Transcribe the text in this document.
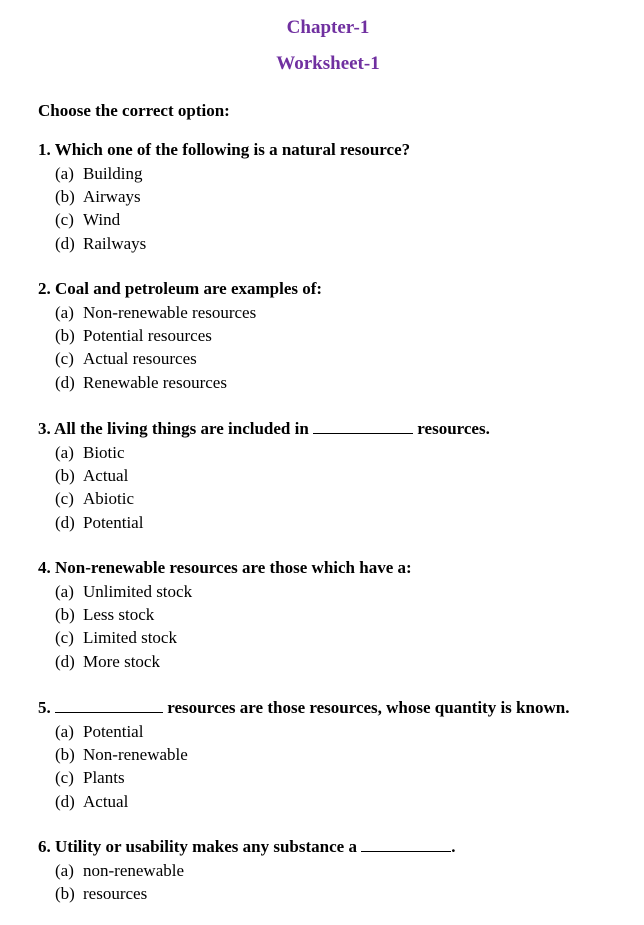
Chapter-1
Worksheet-1
Choose the correct option:
1. Which one of the following is a natural resource?
(a) Building
(b) Airways
(c) Wind
(d) Railways
2. Coal and petroleum are examples of:
(a) Non-renewable resources
(b) Potential resources
(c) Actual resources
(d) Renewable resources
3. All the living things are included in	resources.
(a) Biotic
(b) Actual
(c) Abiotic
(d) Potential
4. Non-renewable resources are those which have a:
(a) Unlimited stock
(b) Less stock
(c) Limited stock
(d) More stock
5.	resources are those resources, whose quantity is known.
(a) Potential
(b) Non-renewable
(c) Plants
(d) Actual
6. Utility or usability makes any substance a	.
(a) non-renewable
(b) resources
